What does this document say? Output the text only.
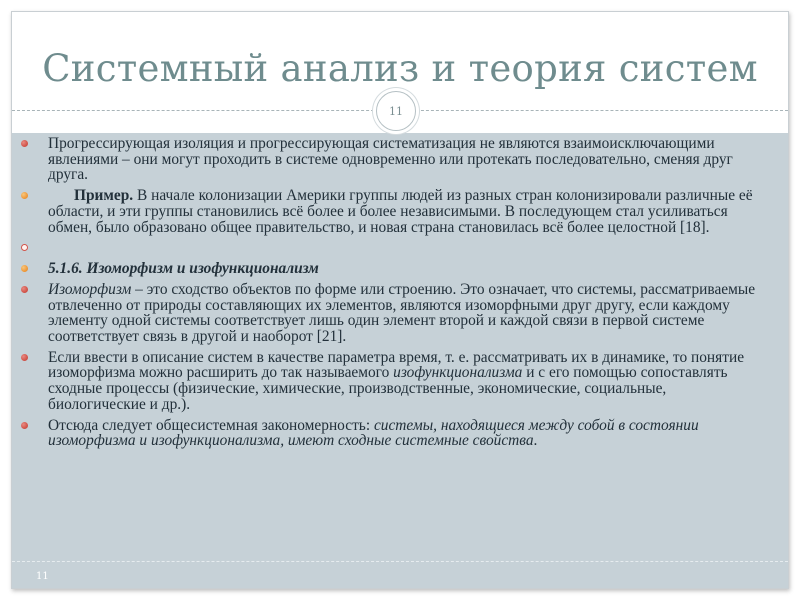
Системный анализ и теория систем
11
11
Прогрессирующая изоляция и прогрессирующая систематизация не являются взаимоисключающими явлениями – они могут проходить в системе одновременно или протекать последовательно, сменяя друг друга.
Пример. В начале колонизации Америки группы людей из разных стран колонизировали различные её области, и эти группы становились всё более и более независимыми. В последующем стал усиливаться обмен, было образовано общее правительство, и новая страна становилась всё более целостной [18].
5.1.6. Изоморфизм и изофункционализм
Изоморфизм – это сходство объектов по форме или строению. Это означает, что системы, рассматриваемые отвлеченно от природы составляющих их элементов, являются изоморфными друг другу, если каждому элементу одной системы соответствует лишь один элемент второй и каждой связи в первой системе соответствует связь в другой и наоборот [21].
Если ввести в описание систем в качестве параметра время, т. е. рассматривать их в динамике, то понятие изоморфизма можно расширить до так называемого изофункционализма и с его помощью сопоставлять сходные процессы (физические, химические, производственные, экономические, социальные, биологические и др.).
Отсюда следует общесистемная закономерность: системы, находящиеся между собой в состоянии изоморфизма и изофункционализма, имеют сходные системные свойства.
